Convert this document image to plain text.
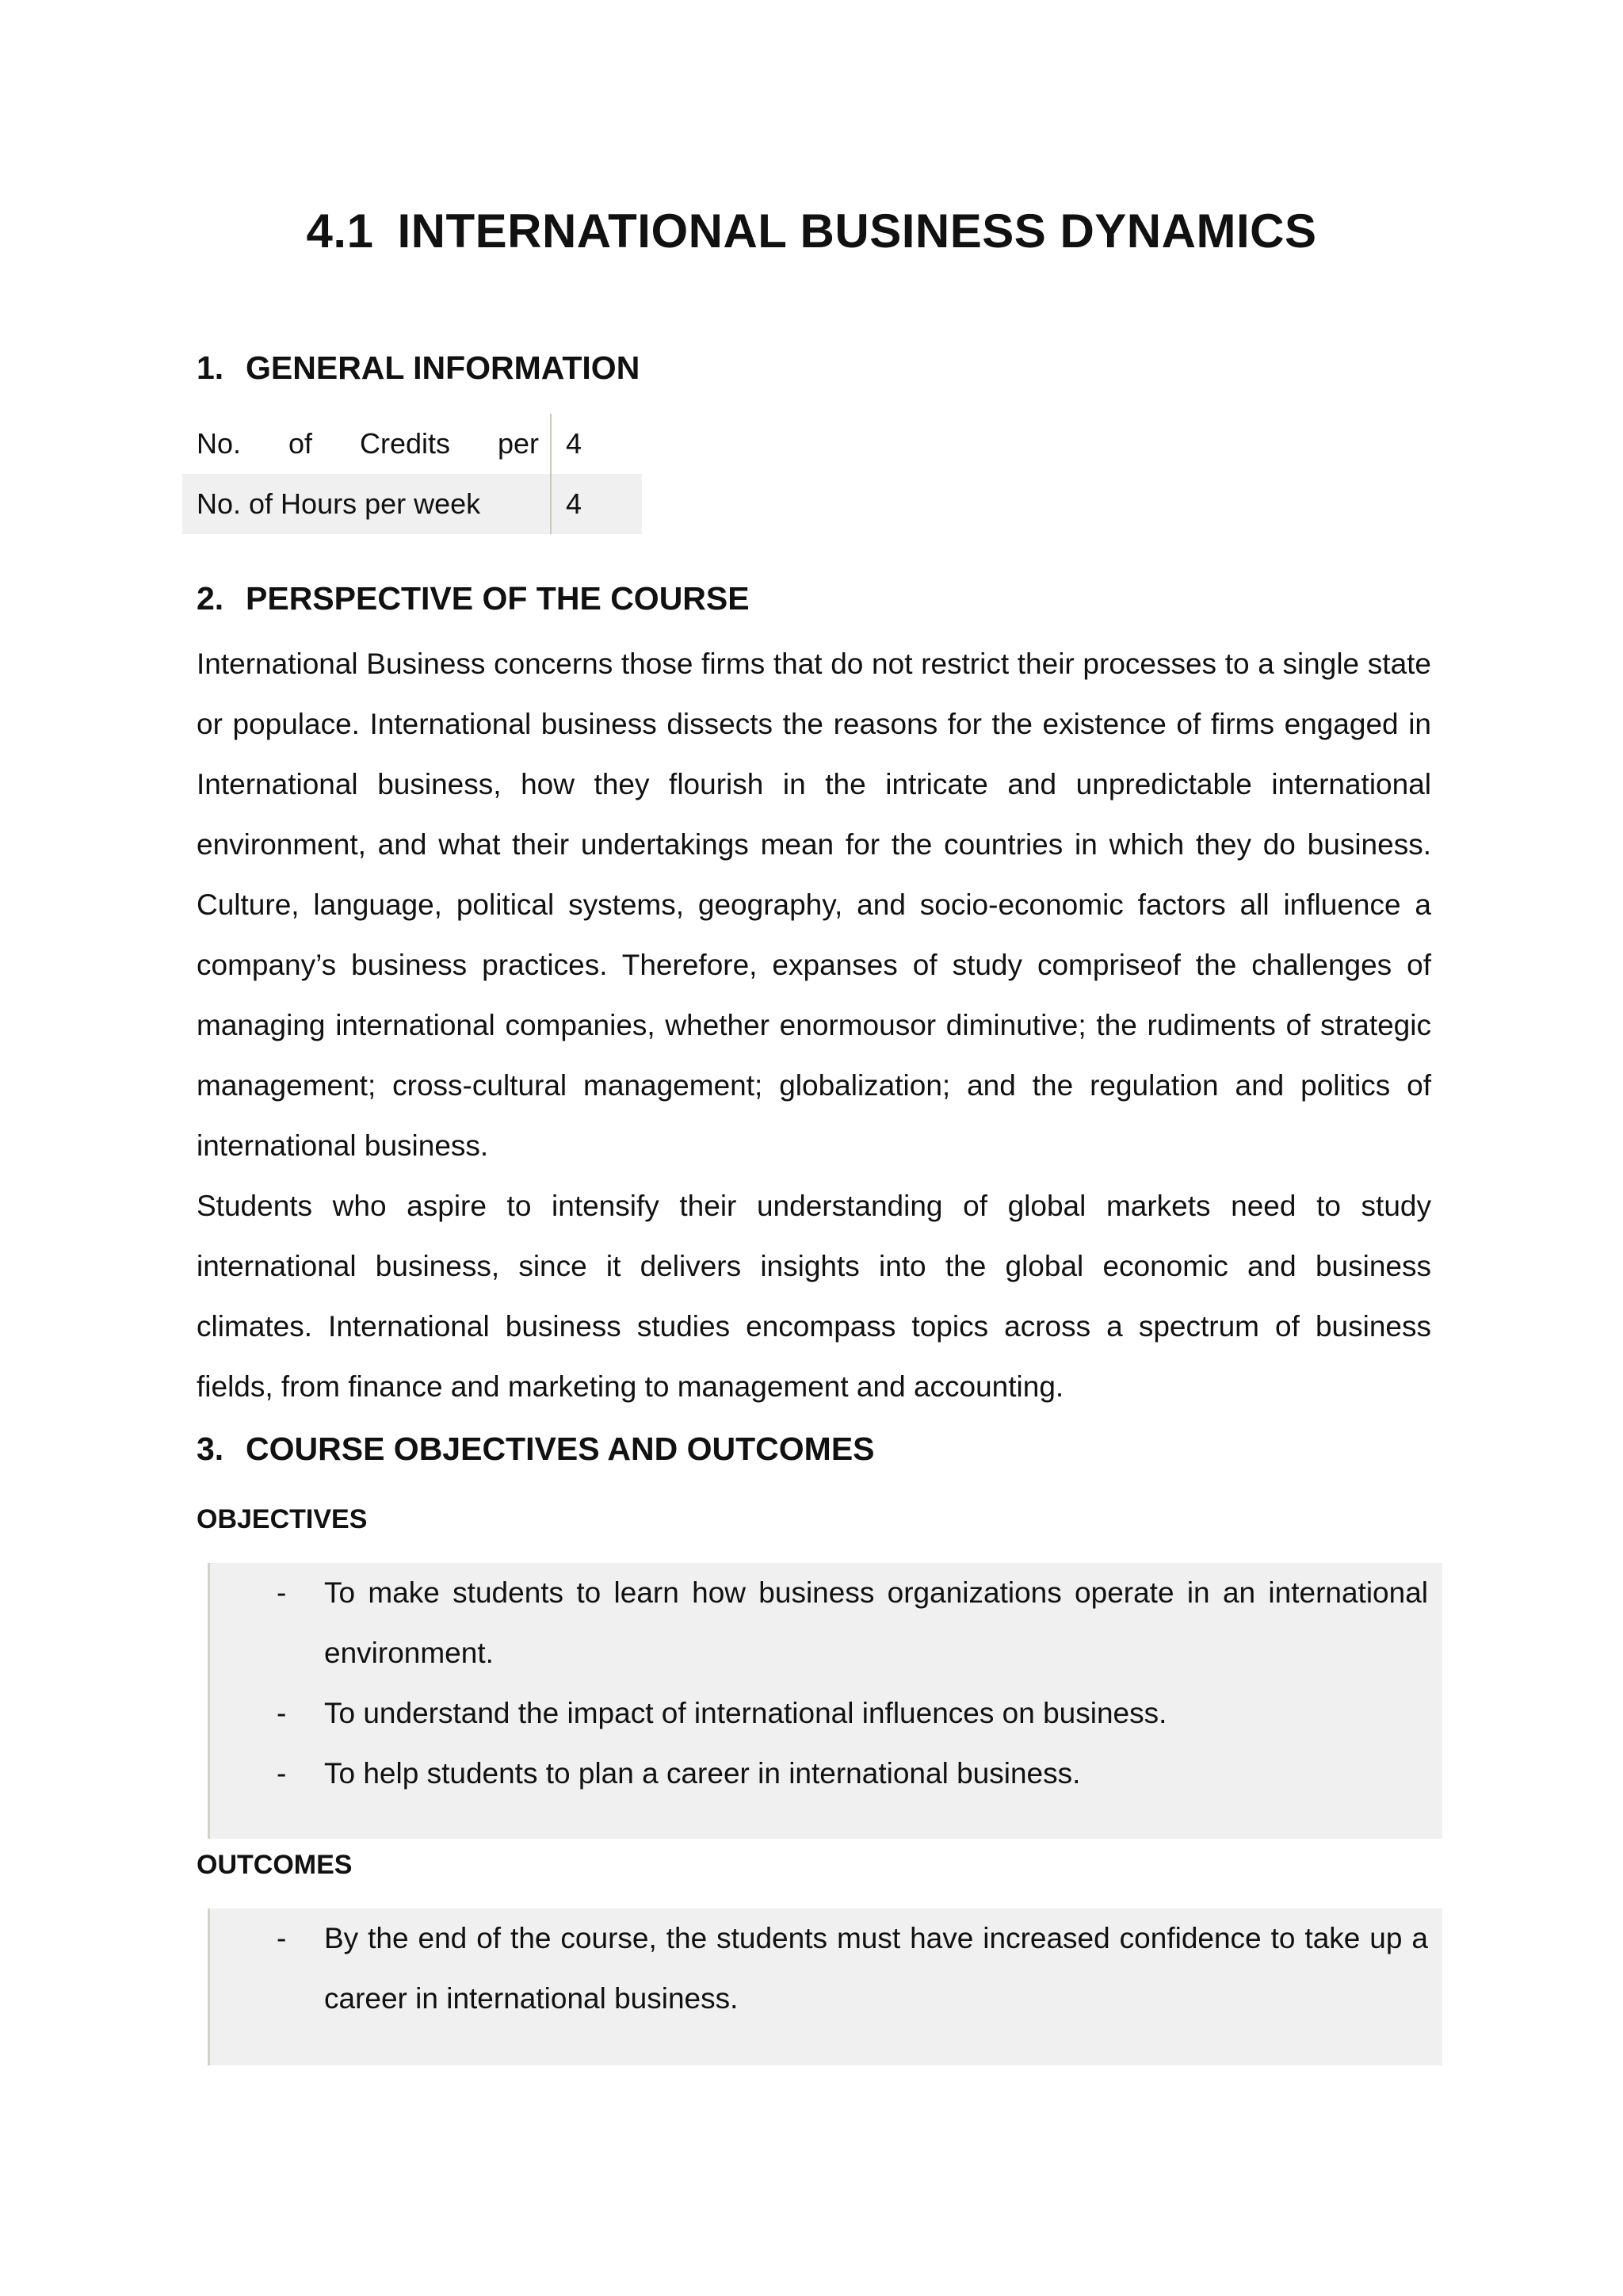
4.1 INTERNATIONAL BUSINESS DYNAMICS
1. GENERAL INFORMATION
No. of Credits per	4
No. of Hours per week	4
2. PERSPECTIVE OF THE COURSE

International Business concerns those firms that do not restrict their processes to a single state or populace. International business dissects the reasons for the existence of firms engaged in International business, how they flourish in the intricate and unpredictable international environment, and what their undertakings mean for the countries in which they do business. Culture, language, political systems, geography, and socio-economic factors all influence a company’s business practices. Therefore, expanses of study compriseof the challenges of managing international companies, whether enormousor diminutive; the rudiments of strategic management; cross-cultural management; globalization; and the regulation and politics of international business.

Students who aspire to intensify their understanding of global markets need to study international business, since it delivers insights into the global economic and business climates. International business studies encompass topics across a spectrum of business fields, from finance and marketing to management and accounting.

3. COURSE OBJECTIVES AND OUTCOMES
OBJECTIVES
- To make students to learn how business organizations operate in an international environment.
- To understand the impact of international influences on business.
- To help students to plan a career in international business.
OUTCOMES
- By the end of the course, the students must have increased confidence to take up a career in international business.
